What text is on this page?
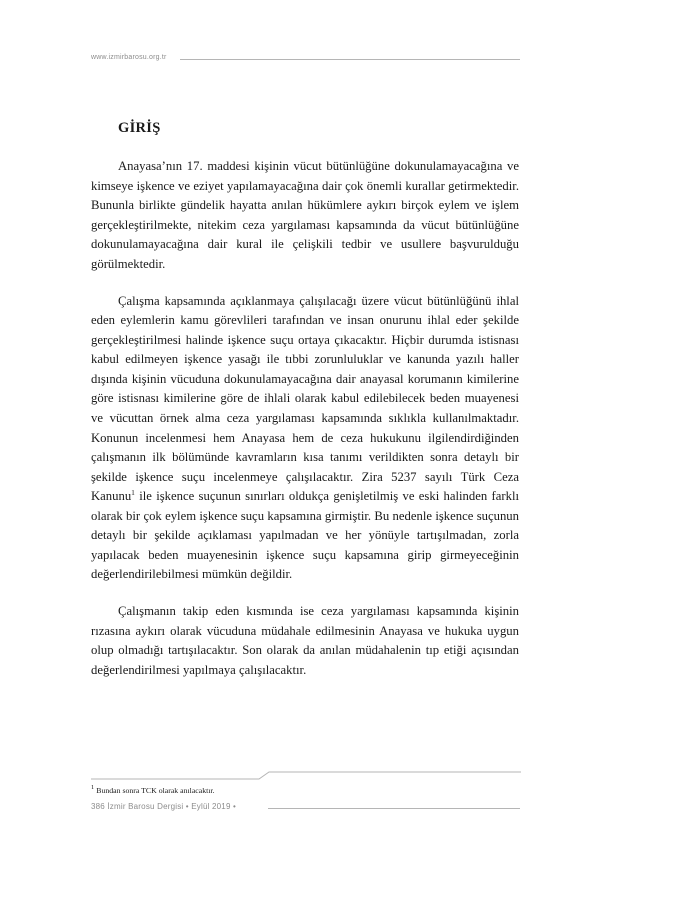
www.izmirbarosu.org.tr
GİRİŞ

Anayasa’nın 17. maddesi kişinin vücut bütünlüğüne dokunulamayacağına ve kimseye işkence ve eziyet yapılamayacağına dair çok önemli kurallar getirmektedir. Bununla birlikte gündelik hayatta anılan hükümlere aykırı birçok eylem ve işlem gerçekleştirilmekte, nitekim ceza yargılaması kapsamında da vücut bütünlüğüne dokunulamayacağına dair kural ile çelişkili tedbir ve usullere başvurulduğu görülmektedir.

Çalışma kapsamında açıklanmaya çalışılacağı üzere vücut bütünlüğünü ihlal eden eylemlerin kamu görevlileri tarafından ve insan onurunu ihlal eder şekilde gerçekleştirilmesi halinde işkence suçu ortaya çıkacaktır. Hiçbir durumda istisnası kabul edilmeyen işkence yasağı ile tıbbi zorunluluklar ve kanunda yazılı haller dışında kişinin vücuduna dokunulamayacağına dair anayasal korumanın kimilerine göre istisnası kimilerine göre de ihlali olarak kabul edilebilecek beden muayenesi ve vücuttan örnek alma ceza yargılaması kapsamında sıklıkla kullanılmaktadır. Konunun incelenmesi hem Anayasa hem de ceza hukukunu ilgilendirdiğinden çalışmanın ilk bölümünde kavramların kısa tanımı verildikten sonra detaylı bir şekilde işkence suçu incelenmeye çalışılacaktır. Zira 5237 sayılı Türk Ceza Kanunu$^1$ ile işkence suçunun sınırları oldukça genişletilmiş ve eski halinden farklı olarak bir çok eylem işkence suçu kapsamına girmiştir. Bu nedenle işkence suçunun detaylı bir şekilde açıklaması yapılmadan ve her yönüyle tartışılmadan, zorla yapılacak beden muayenesinin işkence suçu kapsamına girip girmeyeceğinin değerlendirilebilmesi mümkün değildir.

Çalışmanın takip eden kısmında ise ceza yargılaması kapsamında kişinin rızasına aykırı olarak vücuduna müdahale edilmesinin Anayasa ve hukuka uygun olup olmadığı tartışılacaktır. Son olarak da anılan müdahalenin tıp etiği açısından değerlendirilmesi yapılmaya çalışılacaktır.

$^1$ Bundan sonra TCK olarak anılacaktır.
386 İzmir Barosu Dergisi • Eylül 2019 •
